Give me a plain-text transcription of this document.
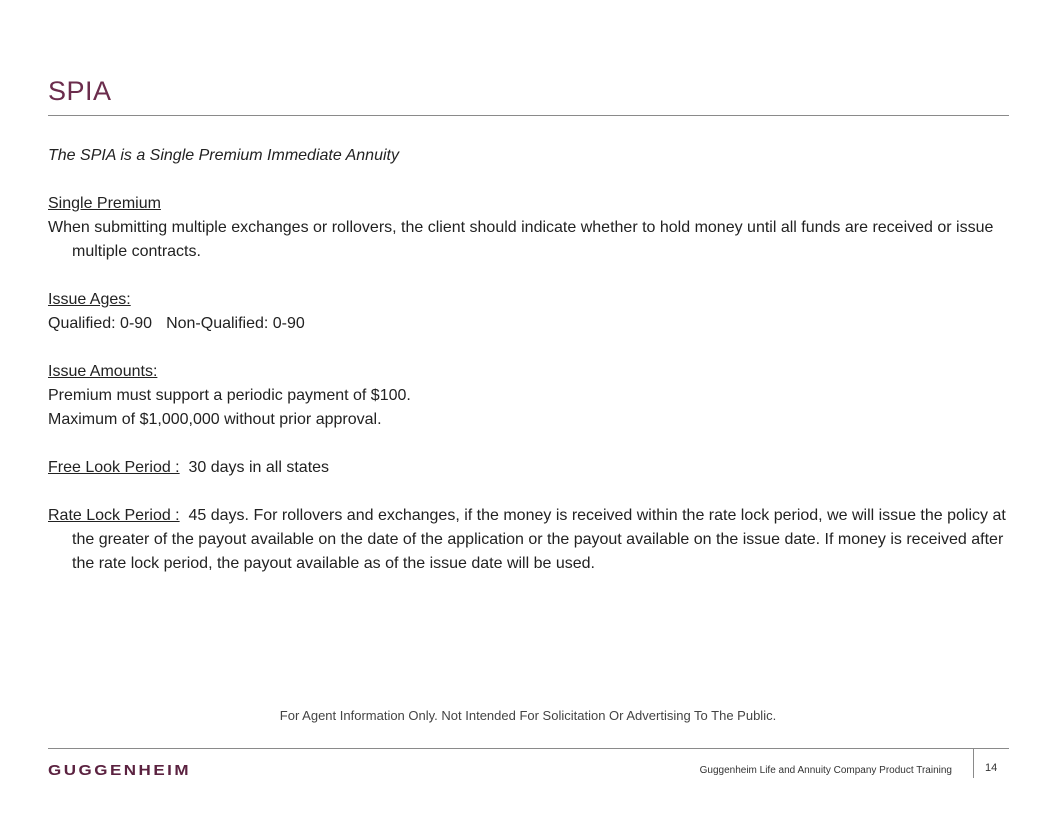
SPIA

The SPIA is a Single Premium Immediate Annuity

Single Premium

When submitting multiple exchanges or rollovers, the client should indicate whether to hold money until all funds are received or issue multiple contracts.

Issue Ages:

Qualified: 0-90 Non-Qualified: 0-90

Issue Amounts:

Premium must support a periodic payment of $100.

Maximum of $1,000,000 without prior approval.

Free Look Period : 30 days in all states

Rate Lock Period : 45 days. For rollovers and exchanges, if the money is received within the rate lock period, we will issue the policy at the greater of the payout available on the date of the application or the payout available on the issue date. If money is received after the rate lock period, the payout available as of the issue date will be used.

For Agent Information Only. Not Intended For Solicitation Or Advertising To The Public.
GUGGENHEIM	Guggenheim Life and Annuity Company Product Training	14
